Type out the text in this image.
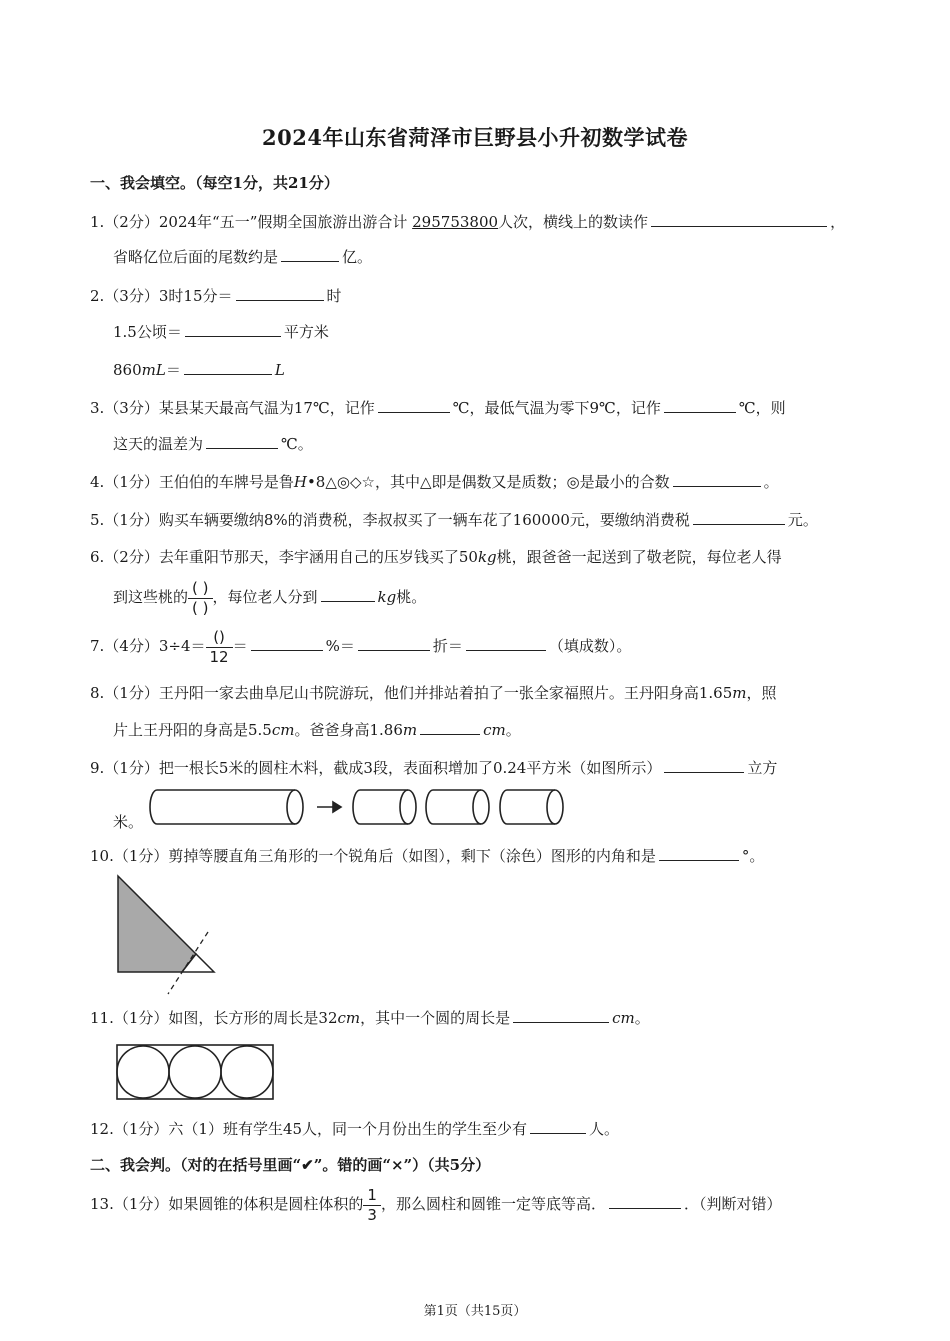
2024年山东省菏泽市巨野县小升初数学试卷
一、我会填空。（每空1分，共21分）
1.（2分）2024年“五一”假期全国旅游出游合计 295753800人次，横线上的数读作	，
省略亿位后面的尾数约是	亿。
2.（3分）3时15分＝	时
1.5公顷＝	平方米
860mL＝	L
3.（3分）某县某天最高气温为17℃，记作	℃，最低气温为零下9℃，记作	℃，则
这天的温差为	℃。
4.（1分）王伯伯的车牌号是鲁H•8△◎◇☆，其中△即是偶数又是质数；◎是最小的合数	。
5.（1分）购买车辆要缴纳8%的消费税，李叔叔买了一辆车花了160000元，要缴纳消费税	元。
6.（2分）去年重阳节那天，李宇涵用自己的压岁钱买了50kg桃，跟爸爸一起送到了敬老院，每位老人得
到这些桃的 $\frac{( )}{( )}$ ，每位老人分到	kg桃。
7.（4分）$3\div 4= \frac{()}{12}$ ＝	%＝	折＝	（填成数）。
8.（1分）王丹阳一家去曲阜尼山书院游玩，他们并排站着拍了一张全家福照片。王丹阳身高1.65m，照
片上王丹阳的身高是5.5cm。爸爸身高1.86m	cm。
9.（1分）把一根长5米的圆柱木料，截成3段，表面积增加了0.24平方米（如图所示）	立方
米。
10.（1分）剪掉等腰直角三角形的一个锐角后（如图），剩下（涂色）图形的内角和是	°。
11.（1分）如图，长方形的周长是32cm，其中一个圆的周长是	cm。
12.（1分）六（1）班有学生45人，同一个月份出生的学生至少有	人。
二、我会判。（对的在括号里画“✔”。错的画“×”）（共5分）
13.（1分）如果圆锥的体积是圆柱体积的 $\frac{1}{3}$ ，那么圆柱和圆锥一定等底等高．	．（判断对错）
第1页（共15页）
